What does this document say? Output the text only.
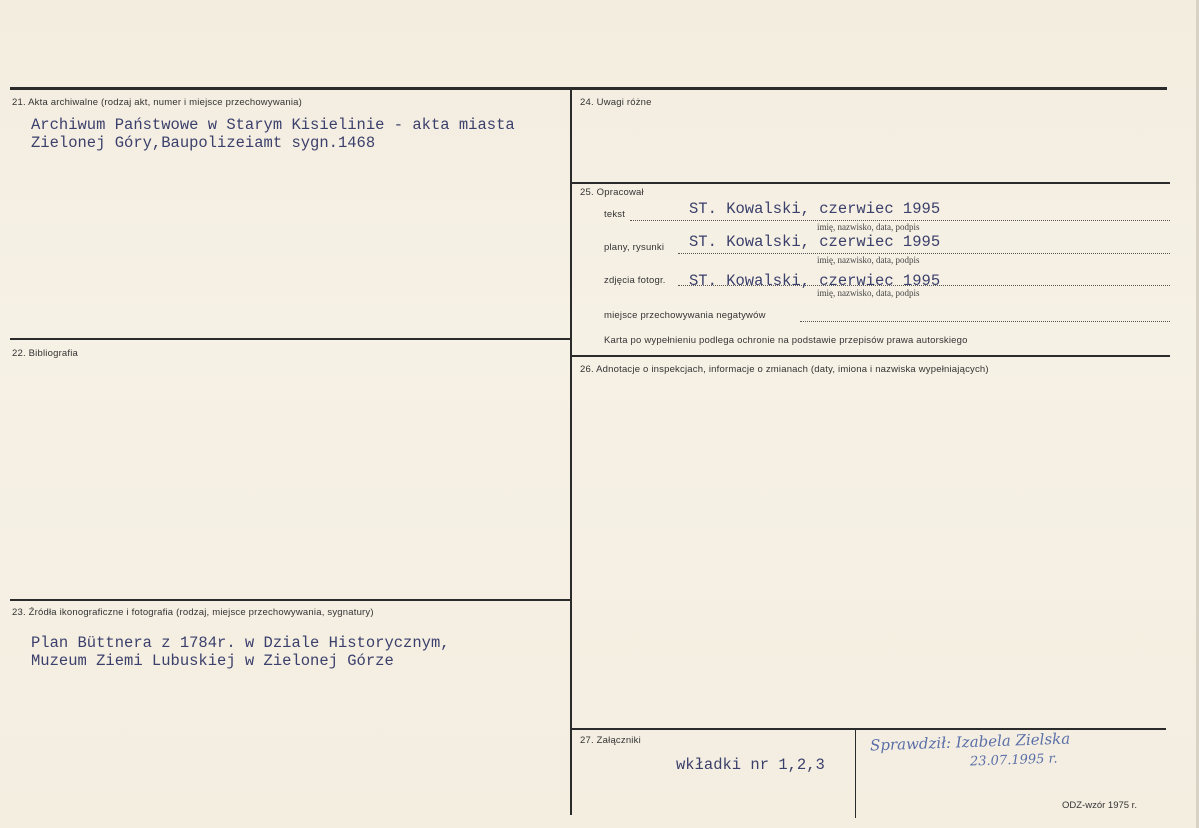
21. Akta archiwalne (rodzaj akt, numer i miejsce przechowywania)
Archiwum Państwowe w Starym Kisielinie - akta miasta
Zielonej Góry,Baupolizeiamt sygn.1468
22. Bibliografia
23. Źródła ikonograficzne i fotografia (rodzaj, miejsce przechowywania, sygnatury)
Plan Büttnera z 1784r. w Dziale Historycznym,
Muzeum Ziemi Lubuskiej w Zielonej Górze
24. Uwagi różne
25. Opracował
tekst	ST. Kowalski, czerwiec 1995
imię, nazwisko, data, podpis
plany, rysunki ST. Kowalski, czerwiec 1995
imię, nazwisko, data, podpis
zdjęcia fotogr. ST. Kowalski, czerwiec 1995
imię, nazwisko, data, podpis
miejsce przechowywania negatywów
Karta po wypełnieniu podlega ochronie na podstawie przepisów prawa autorskiego
26. Adnotacje o inspekcjach, informacje o zmianach (daty, imiona i nazwiska wypełniających)
27. Załączniki
wkładki nr 1,2,3
Sprawdził: Izabela Zielska
23.07.1995 r.
ODZ-wzór 1975 r.
